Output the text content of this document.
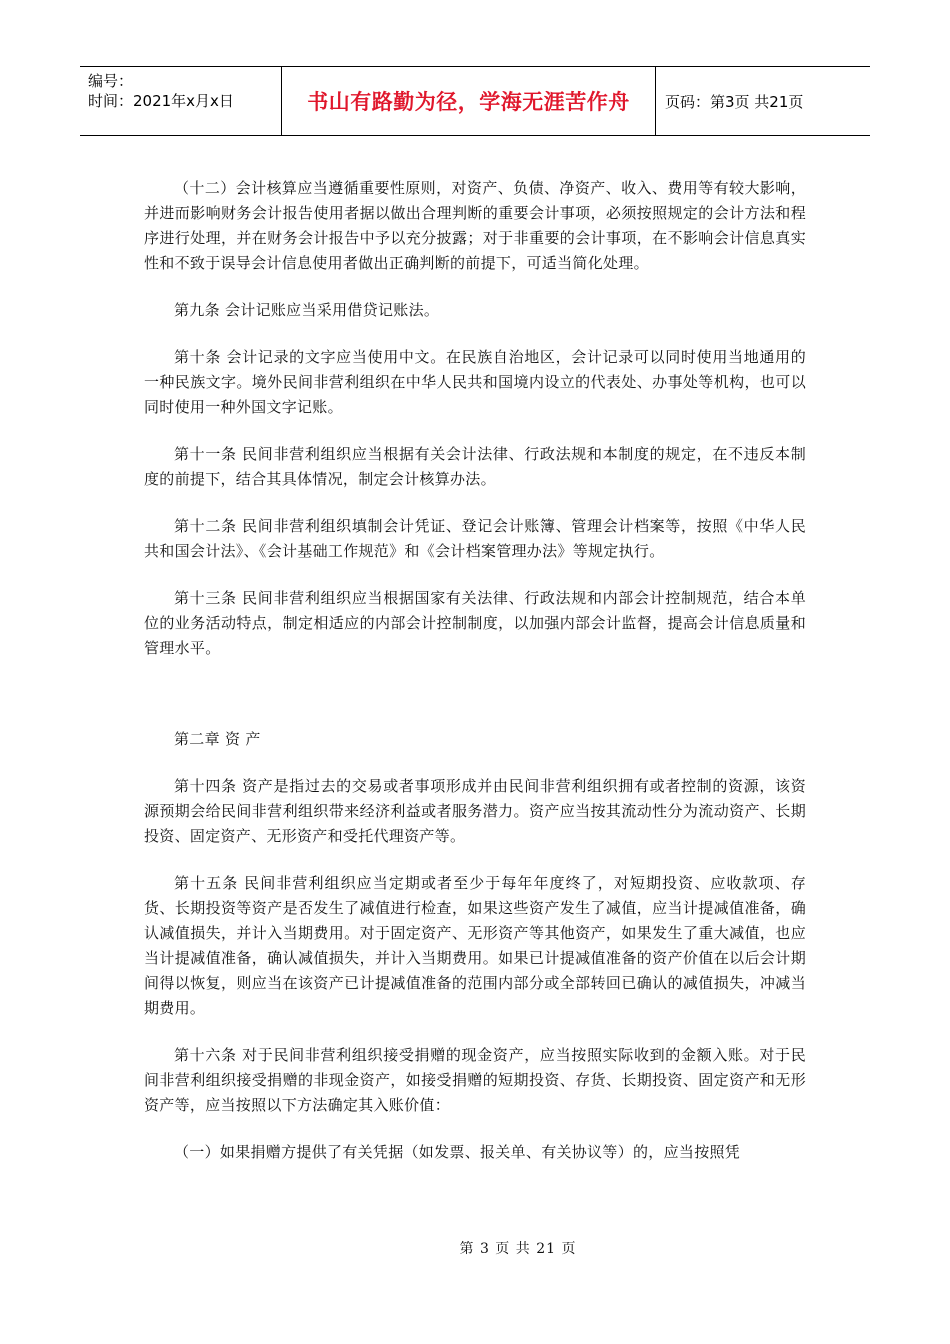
编号：
时间：2021年x月x日	书山有路勤为径，学海无涯苦作舟	页码：第3页 共21页

（十二）会计核算应当遵循重要性原则，对资产、负债、净资产、收入、费用等有较大影响，并进而影响财务会计报告使用者据以做出合理判断的重要会计事项，必须按照规定的会计方法和程序进行处理，并在财务会计报告中予以充分披露；对于非重要的会计事项，在不影响会计信息真实性和不致于误导会计信息使用者做出正确判断的前提下，可适当简化处理。

第九条 会计记账应当采用借贷记账法。

第十条 会计记录的文字应当使用中文。在民族自治地区，会计记录可以同时使用当地通用的一种民族文字。境外民间非营利组织在中华人民共和国境内设立的代表处、办事处等机构，也可以同时使用一种外国文字记账。

第十一条 民间非营利组织应当根据有关会计法律、行政法规和本制度的规定，在不违反本制度的前提下，结合其具体情况，制定会计核算办法。

第十二条 民间非营利组织填制会计凭证、登记会计账簿、管理会计档案等，按照《中华人民共和国会计法》、《会计基础工作规范》和《会计档案管理办法》等规定执行。

第十三条 民间非营利组织应当根据国家有关法律、行政法规和内部会计控制规范，结合本单位的业务活动特点，制定相适应的内部会计控制制度，以加强内部会计监督，提高会计信息质量和管理水平。

第二章 资 产

第十四条 资产是指过去的交易或者事项形成并由民间非营利组织拥有或者控制的资源，该资源预期会给民间非营利组织带来经济利益或者服务潜力。资产应当按其流动性分为流动资产、长期投资、固定资产、无形资产和受托代理资产等。

第十五条 民间非营利组织应当定期或者至少于每年年度终了，对短期投资、应收款项、存货、长期投资等资产是否发生了减值进行检查，如果这些资产发生了减值，应当计提减值准备，确认减值损失，并计入当期费用。对于固定资产、无形资产等其他资产，如果发生了重大减值，也应当计提减值准备，确认减值损失，并计入当期费用。如果已计提减值准备的资产价值在以后会计期间得以恢复，则应当在该资产已计提减值准备的范围内部分或全部转回已确认的减值损失，冲减当期费用。

第十六条 对于民间非营利组织接受捐赠的现金资产，应当按照实际收到的金额入账。对于民间非营利组织接受捐赠的非现金资产，如接受捐赠的短期投资、存货、长期投资、固定资产和无形资产等，应当按照以下方法确定其入账价值：

（一）如果捐赠方提供了有关凭据（如发票、报关单、有关协议等）的，应当按照凭

第 3 页 共 21 页
